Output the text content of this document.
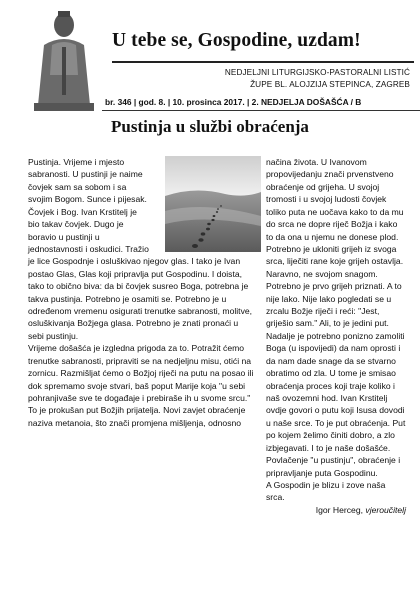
U tebe se, Gospodine, uzdam!
NEDJELJNI LITURGIJSKO-PASTORALNI LISTIĆ
ŽUPE BL. ALOJZIJA STEPINCA, ZAGREB
br. 346 | god. 8. | 10. prosinca 2017. | 2. NEDJELJA DOŠAŠĆA / B
Pustinja u službi obraćenja

Pustinja. Vrijeme i mjesto sabranosti. U pustinji je naime čovjek sam sa sobom i sa svojim Bogom. Sunce i pijesak. Čovjek i Bog. Ivan Krstitelj je bio takav čovjek. Dugo je boravio u pustinji u jednostavnosti i oskudici. Tražio je lice Gospodnje i osluškivao njegov glas. I tako je Ivan postao Glas, Glas koji pripravlja put Gospodinu. I doista, tako to obično biva: da bi čovjek susreo Boga, potrebna je takva pustinja. Potrebno je osamiti se. Potrebno je u određenom vremenu osigurati trenutke sabranosti, molitve, osluškivanja Božjega glasa. Potrebno je znati pronaći u sebi pustinju.

Vrijeme došašća je izgledna prigoda za to. Potražit ćemo trenutke sabranosti, pripraviti se na nedjeljnu misu, otići na zornicu. Razmišljat ćemo o Božjoj riječi na putu na posao ili dok spremamo svoje stvari, baš poput Marije koja "u sebi pohranjivaše sve te događaje i prebiraše ih u svome srcu." To je prokušan put Božjih prijatelja. Novi zavjet obraćenje naziva metanoia, što znači promjena mišljenja, odnosno

načina života. U Ivanovom propovijedanju znači prvenstveno obraćenje od grijeha. U svojoj tromosti i u svojoj ludosti čovjek toliko puta ne uočava kako to da mu do srca ne dopre riječ Božja i kako to da ona u njemu ne donese plod. Potrebno je ukloniti grijeh iz svoga srca, liječiti rane koje grijeh ostavlja. Naravno, ne svojom snagom. Potrebno je prvo grijeh priznati. A to nije lako. Nije lako pogledati se u zrcalu Božje riječi i reći: "Jest, griješio sam." Ali, to je jedini put. Nadalje je potrebno ponizno zamoliti Boga (u ispovijedi) da nam oprosti i da nam dade snage da se stvarno obratimo od zla. U tome je smisao obraćenja proces koji traje koliko i naš ovozemni hod. Ivan Krstitelj ovdje govori o putu koji Isusa dovodi u naše srce. To je put obraćenja. Put po kojem želimo činiti dobro, a zlo izbjegavati. I to je naše došašće. Povlačenje "u pustinju", obraćenje i pripravljanje puta Gospodinu.

A Gospodin je blizu i zove naša srca.

Igor Herceg, vjeroučitelj
